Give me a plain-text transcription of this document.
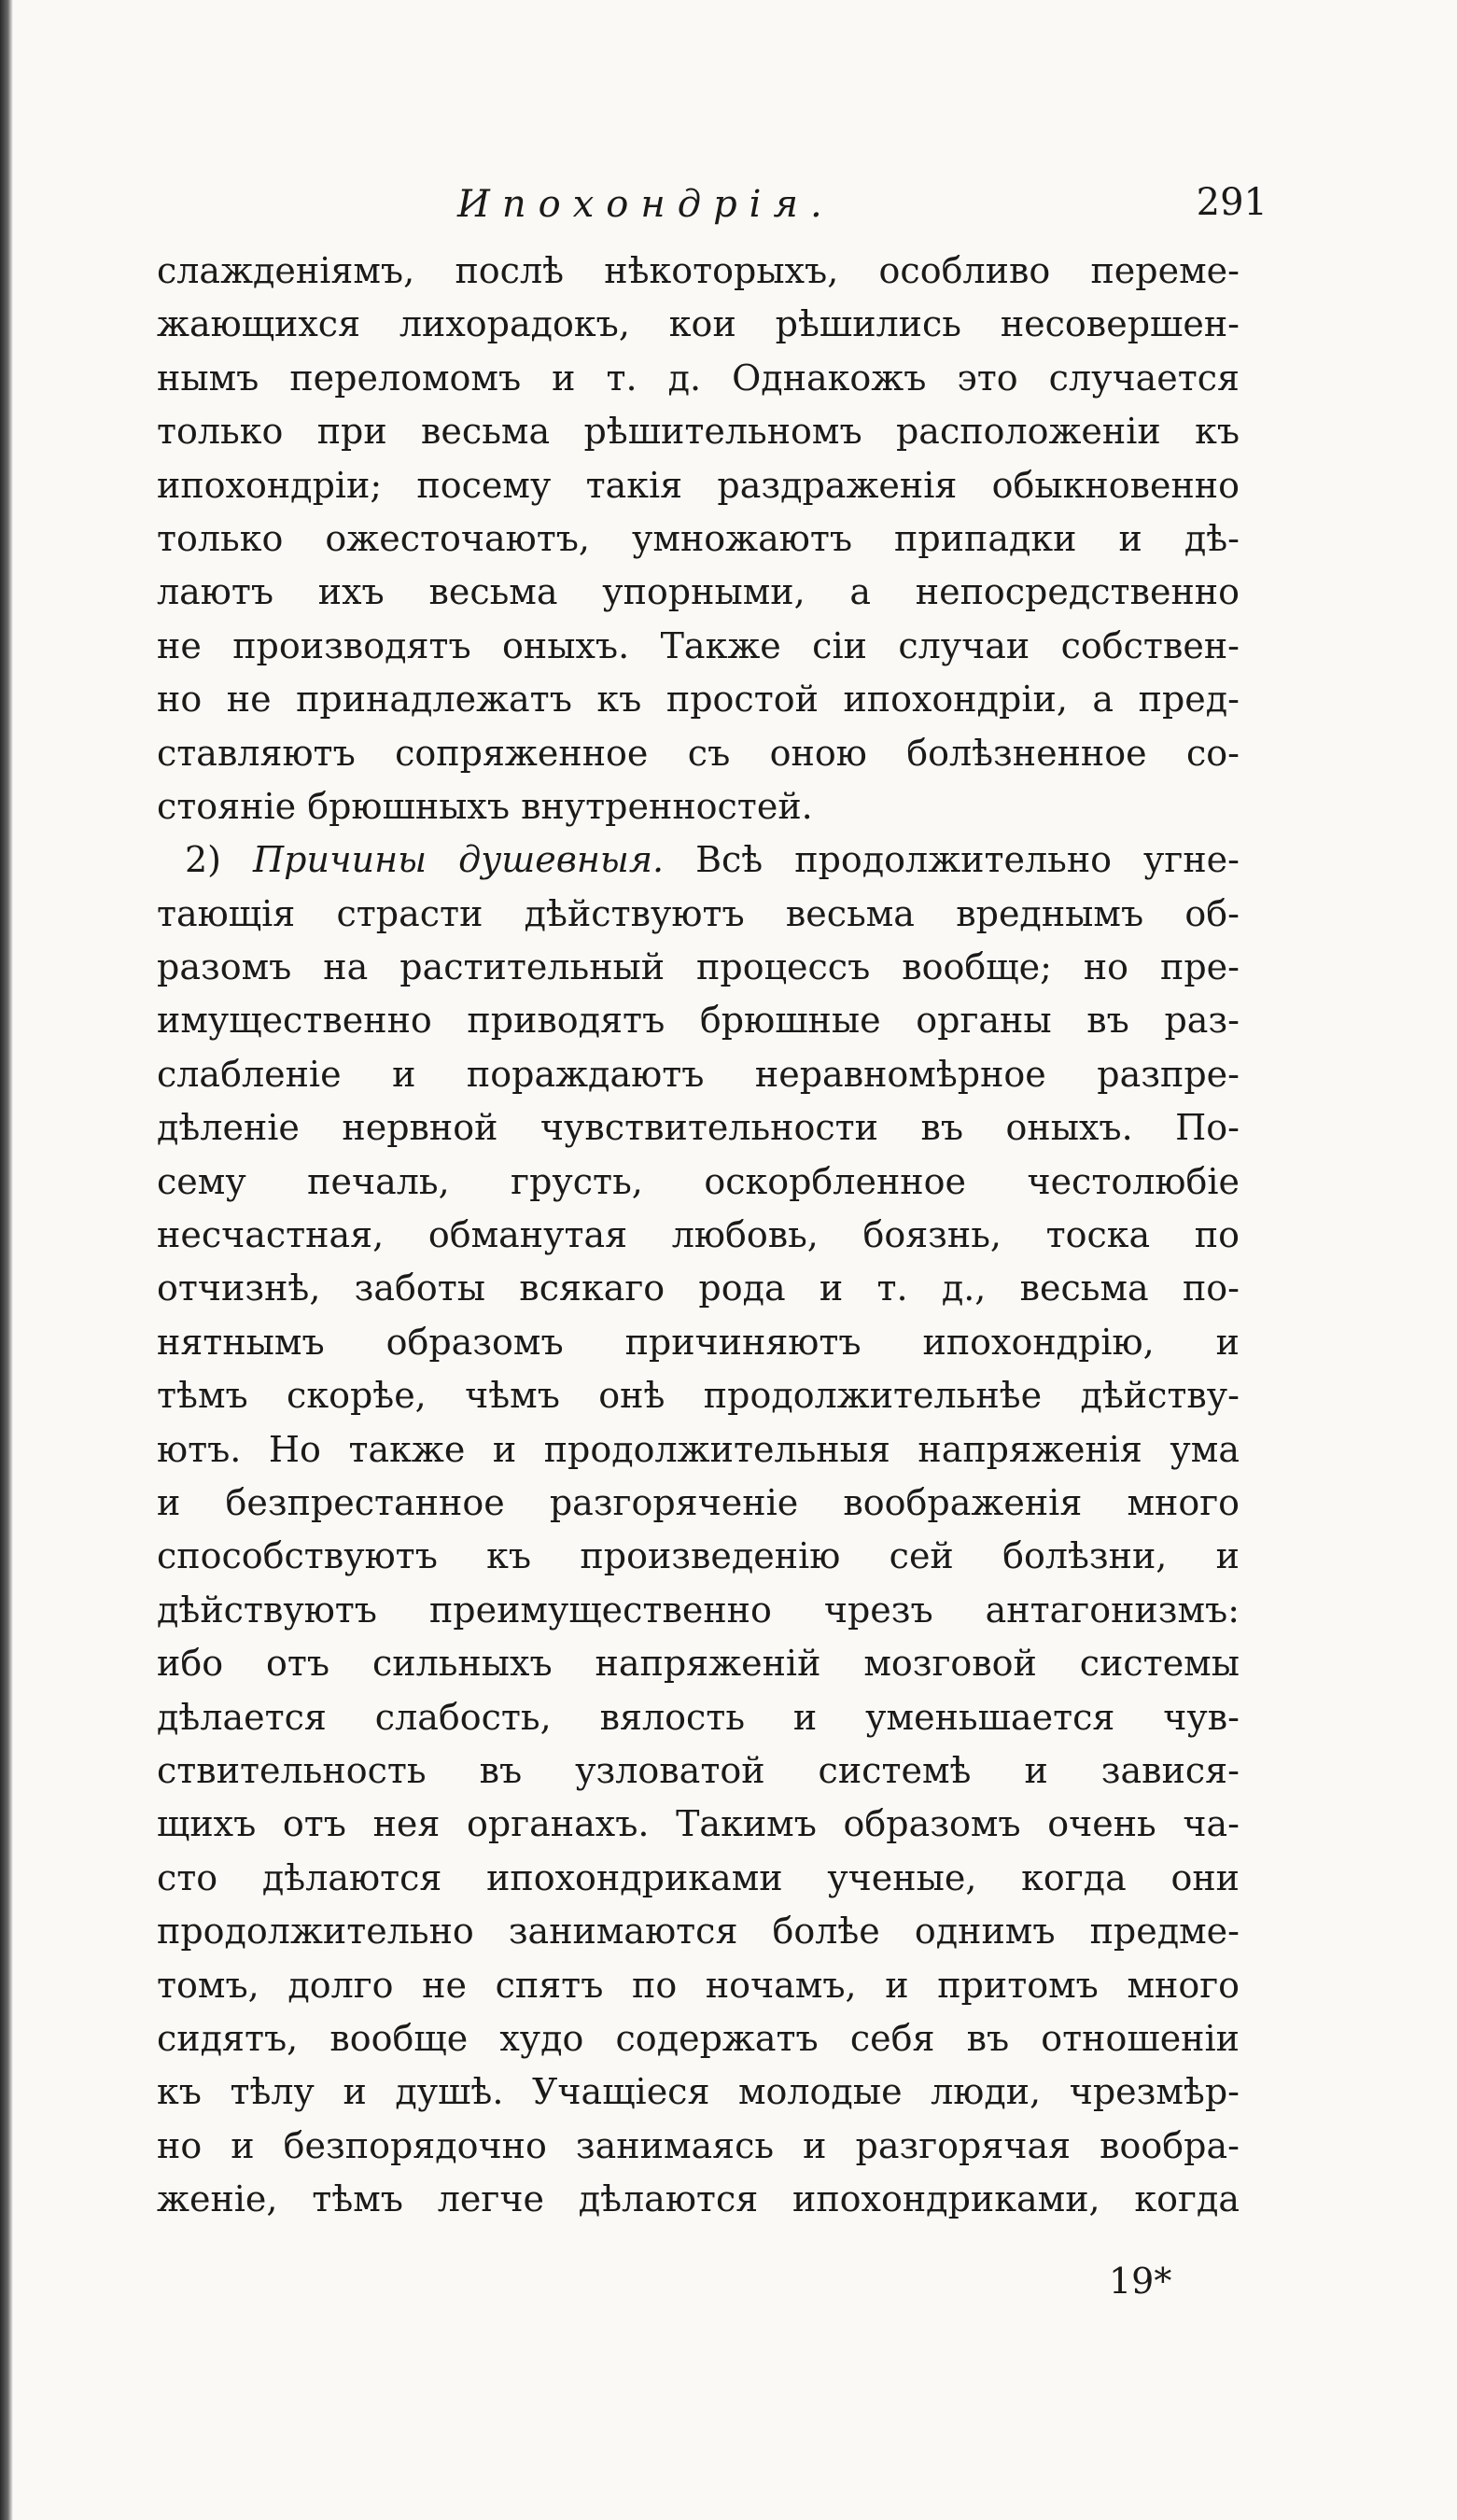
Ипохондрія.	291
слажденіямъ, послѣ нѣкоторыхъ, особливо переме-
жающихся лихорадокъ, кои рѣшились несовершен-
нымъ переломомъ и т. д. Однакожъ это случается
только при весьма рѣшительномъ расположеніи къ
ипохондріи; посему такія раздраженія обыкновенно
только ожесточаютъ, умножаютъ припадки и дѣ-
лаютъ ихъ весьма упорными, а непосредственно
не производятъ оныхъ. Также сіи случаи собствен-
но не принадлежатъ къ простой ипохондріи, а пред-
ставляютъ сопряженное съ оною болѣзненное со-
стояніе брюшныхъ внутренностей.
2) Причины душевныя. Всѣ продолжительно угне-
тающія страсти дѣйствуютъ весьма вреднымъ об-
разомъ на растительный процессъ вообще; но пре-
имущественно приводятъ брюшные органы въ раз-
слабленіе и пораждаютъ неравномѣрное разпре-
дѣленіе нервной чувствительности въ оныхъ. По-
сему печаль, грусть, оскорбленное честолюбіе
несчастная, обманутая любовь, боязнь, тоска по
отчизнѣ, заботы всякаго рода и т. д., весьма по-
нятнымъ образомъ причиняютъ ипохондрію, и
тѣмъ скорѣе, чѣмъ онѣ продолжительнѣе дѣйству-
ютъ. Но также и продолжительныя напряженія ума
и безпрестанное разгоряченіе воображенія много
способствуютъ къ произведенію сей болѣзни, и
дѣйствуютъ преимущественно чрезъ антагонизмъ:
ибо отъ сильныхъ напряженій мозговой системы
дѣлается слабость, вялость и уменьшается чув-
ствительность въ узловатой системѣ и завися-
щихъ отъ нея органахъ. Такимъ образомъ очень ча-
сто дѣлаются ипохондриками ученые, когда они
продолжительно занимаются болѣе однимъ предме-
томъ, долго не спятъ по ночамъ, и притомъ много
сидятъ, вообще худо содержатъ себя въ отношеніи
къ тѣлу и душѣ. Учащіеся молодые люди, чрезмѣр-
но и безпорядочно занимаясь и разгорячая вообра-
женіе, тѣмъ легче дѣлаются ипохондриками, когда
19*
